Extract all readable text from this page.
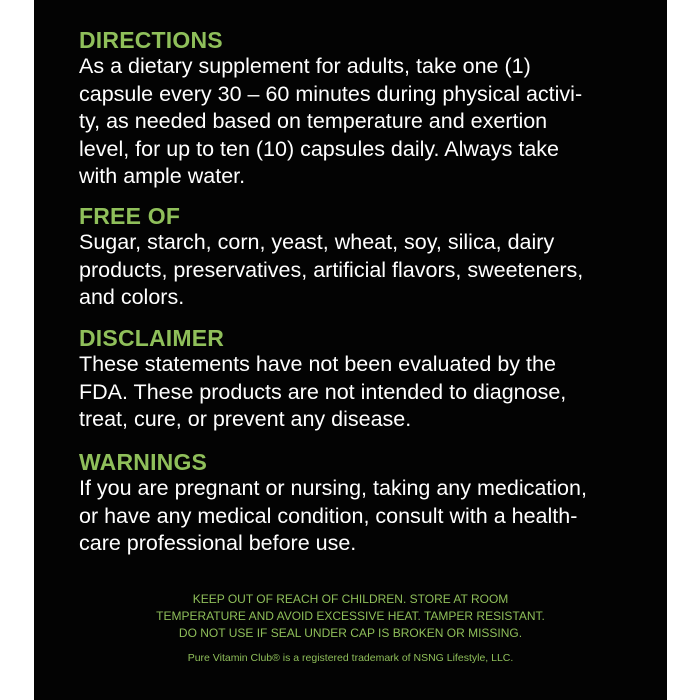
DIRECTIONS

As a dietary supplement for adults, take one (1)
capsule every 30 – 60 minutes during physical activi-
ty, as needed based on temperature and exertion
level, for up to ten (10) capsules daily. Always take
with ample water.

FREE OF

Sugar, starch, corn, yeast, wheat, soy, silica, dairy
products, preservatives, artificial flavors, sweeteners,
and colors.

DISCLAIMER

These statements have not been evaluated by the
FDA. These products are not intended to diagnose,
treat, cure, or prevent any disease.

WARNINGS

If you are pregnant or nursing, taking any medication,
or have any medical condition, consult with a health-
care professional before use.

KEEP OUT OF REACH OF CHILDREN. STORE AT ROOM
TEMPERATURE AND AVOID EXCESSIVE HEAT. TAMPER RESISTANT.
DO NOT USE IF SEAL UNDER CAP IS BROKEN OR MISSING.
Pure Vitamin Club® is a registered trademark of NSNG Lifestyle, LLC.
